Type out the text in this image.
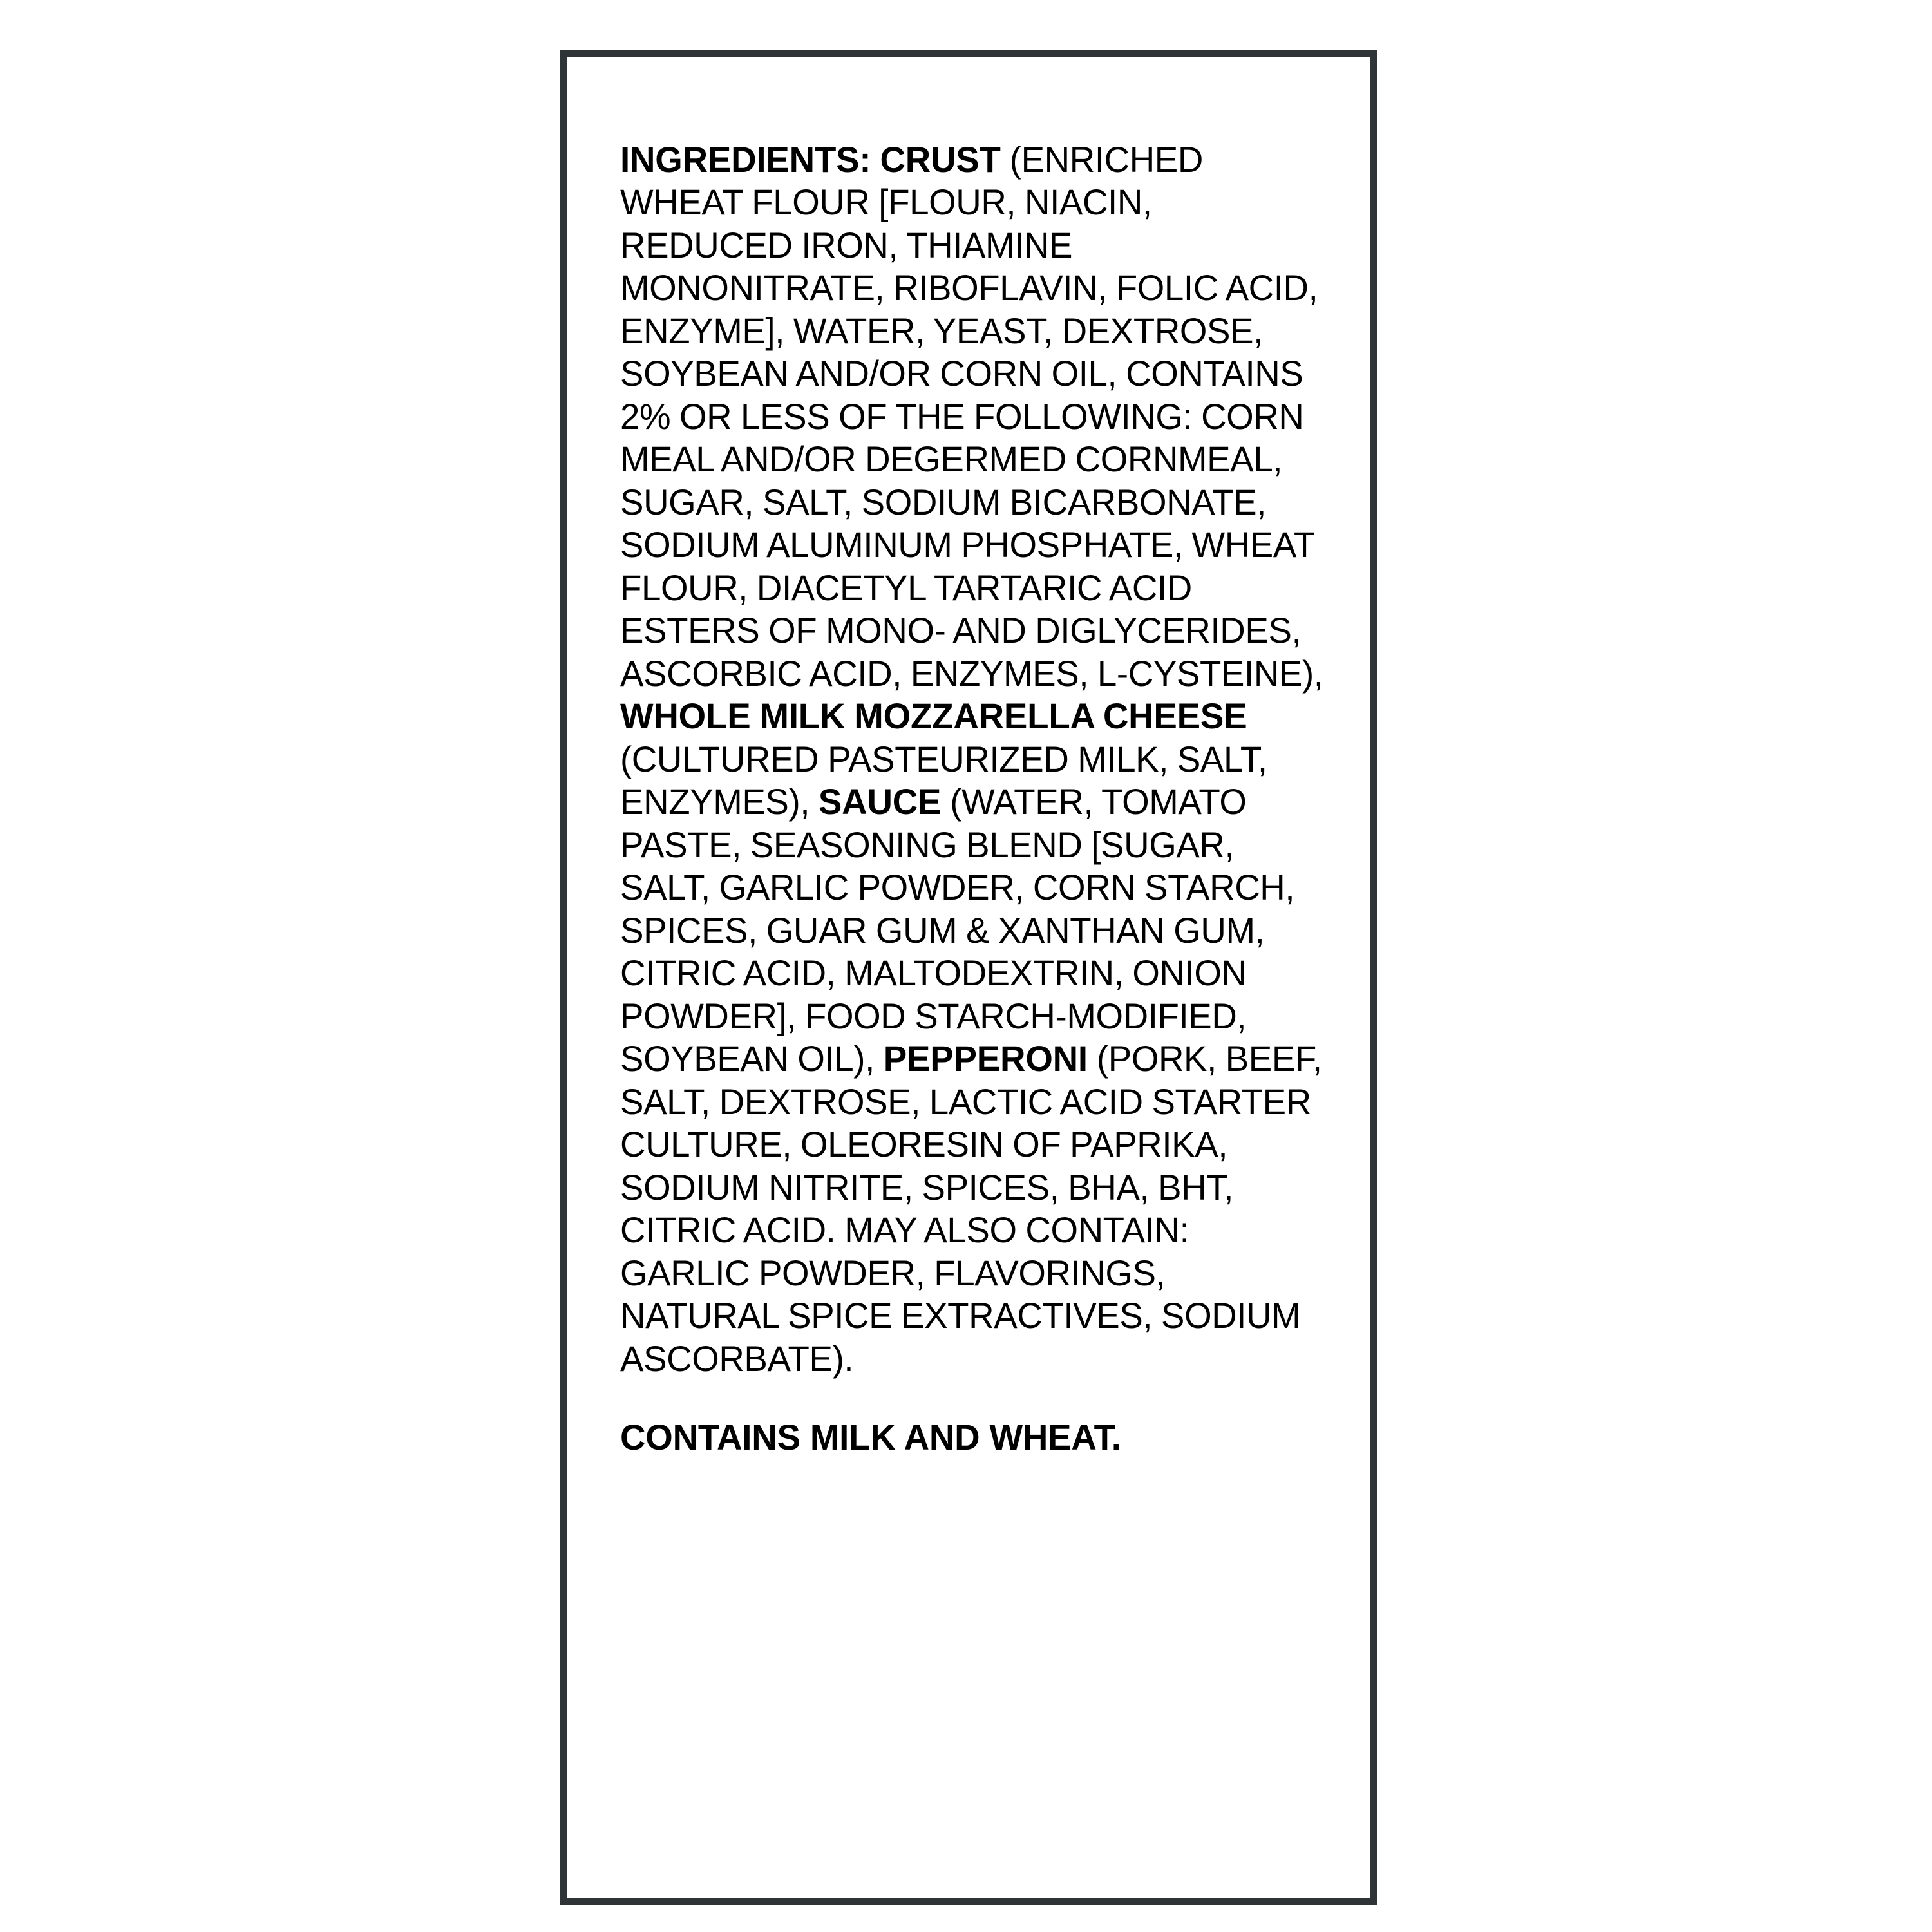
INGREDIENTS: CRUST (ENRICHED WHEAT FLOUR [FLOUR, NIACIN, REDUCED IRON, THIAMINE MONONITRATE, RIBOFLAVIN, FOLIC ACID, ENZYME], WATER, YEAST, DEXTROSE, SOYBEAN AND/OR CORN OIL, CONTAINS 2% OR LESS OF THE FOLLOWING: CORN MEAL AND/OR DEGERMED CORNMEAL, SUGAR, SALT, SODIUM BICARBONATE, SODIUM ALUMINUM PHOSPHATE, WHEAT FLOUR, DIACETYL TARTARIC ACID ESTERS OF MONO- AND DIGLYCERIDES, ASCORBIC ACID, ENZYMES, L-CYSTEINE), WHOLE MILK MOZZARELLA CHEESE (CULTURED PASTEURIZED MILK, SALT, ENZYMES), SAUCE (WATER, TOMATO PASTE, SEASONING BLEND [SUGAR, SALT, GARLIC POWDER, CORN STARCH, SPICES, GUAR GUM & XANTHAN GUM, CITRIC ACID, MALTODEXTRIN, ONION POWDER], FOOD STARCH-MODIFIED, SOYBEAN OIL), PEPPERONI (PORK, BEEF, SALT, DEXTROSE, LACTIC ACID STARTER CULTURE, OLEORESIN OF PAPRIKA, SODIUM NITRITE, SPICES, BHA, BHT, CITRIC ACID. MAY ALSO CONTAIN: GARLIC POWDER, FLAVORINGS, NATURAL SPICE EXTRACTIVES, SODIUM ASCORBATE).

CONTAINS MILK AND WHEAT.
